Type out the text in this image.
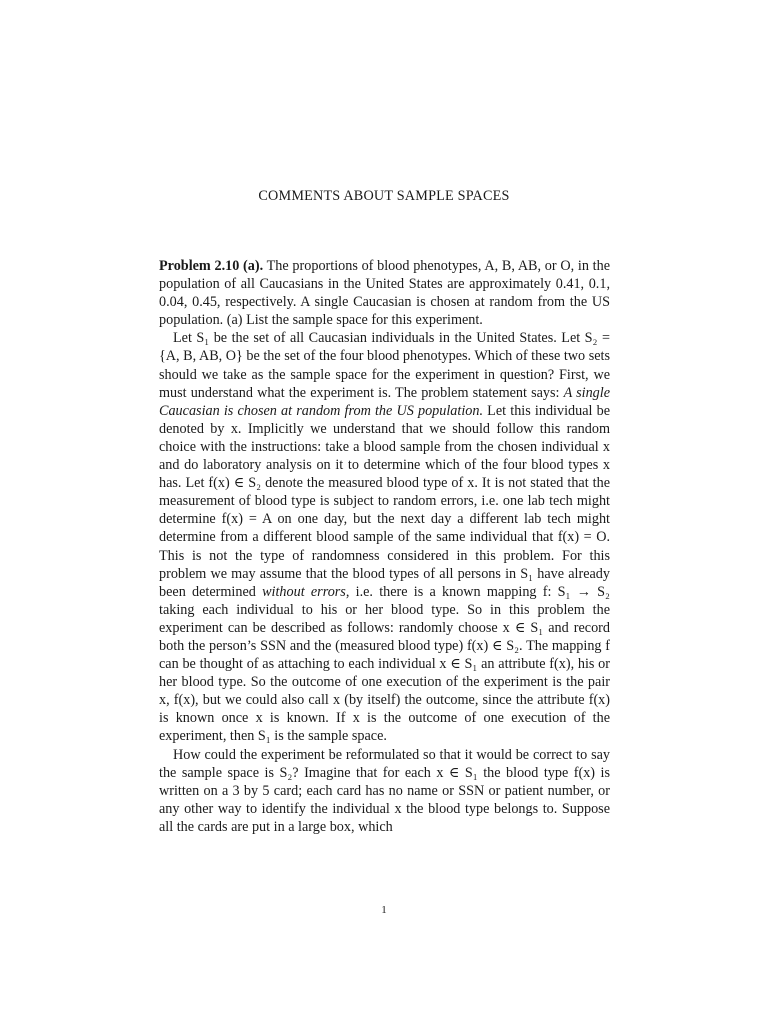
COMMENTS ABOUT SAMPLE SPACES

Problem 2.10 (a). The proportions of blood phenotypes, A, B, AB, or O, in the population of all Caucasians in the United States are approximately 0.41, 0.1, 0.04, 0.45, respectively. A single Caucasian is chosen at random from the US population. (a) List the sample space for this experiment.

Let S₁ be the set of all Caucasian individuals in the United States. Let S₂ = {A, B, AB, O} be the set of the four blood phenotypes. Which of these two sets should we take as the sample space for the experiment in question? First, we must understand what the experiment is. The problem statement says: A single Caucasian is chosen at random from the US population. Let this individual be denoted by x. Implicitly we understand that we should follow this random choice with the instructions: take a blood sample from the chosen individual x and do laboratory analysis on it to determine which of the four blood types x has. Let f(x) ∈ S₂ denote the measured blood type of x. It is not stated that the measurement of blood type is subject to random errors, i.e. one lab tech might determine f(x) = A on one day, but the next day a different lab tech might determine from a different blood sample of the same individual that f(x) = O. This is not the type of randomness considered in this problem. For this problem we may assume that the blood types of all persons in S₁ have already been determined without errors, i.e. there is a known mapping f: S₁ → S₂ taking each individual to his or her blood type. So in this problem the experiment can be described as follows: randomly choose x ∈ S₁ and record both the person’s SSN and the (measured blood type) f(x) ∈ S₂. The mapping f can be thought of as attaching to each individual x ∈ S₁ an attribute f(x), his or her blood type. So the outcome of one execution of the experiment is the pair x, f(x), but we could also call x (by itself) the outcome, since the attribute f(x) is known once x is known. If x is the outcome of one execution of the experiment, then S₁ is the sample space.

How could the experiment be reformulated so that it would be correct to say the sample space is S₂? Imagine that for each x ∈ S₁ the blood type f(x) is written on a 3 by 5 card; each card has no name or SSN or patient number, or any other way to identify the individual x the blood type belongs to. Suppose all the cards are put in a large box, which

1
